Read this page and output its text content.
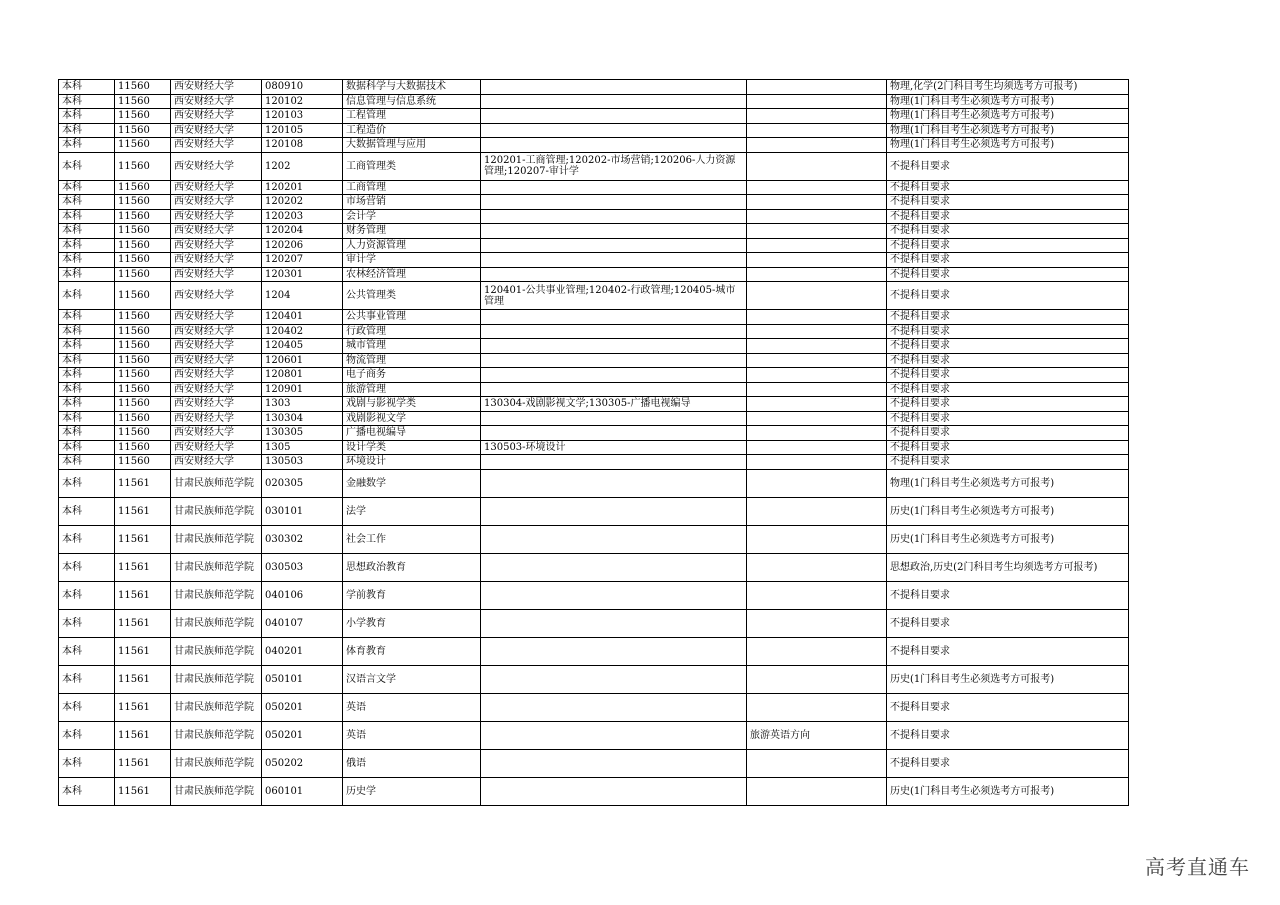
本科	11560	西安财经大学	080910	数据科学与大数据技术			物理,化学(2门科目考生均须选考方可报考)
本科	11560	西安财经大学	120102	信息管理与信息系统			物理(1门科目考生必须选考方可报考)
本科	11560	西安财经大学	120103	工程管理			物理(1门科目考生必须选考方可报考)
本科	11560	西安财经大学	120105	工程造价			物理(1门科目考生必须选考方可报考)
本科	11560	西安财经大学	120108	大数据管理与应用			物理(1门科目考生必须选考方可报考)
本科	11560	西安财经大学	1202	工商管理类	120201-工商管理;120202-市场营销;120206-人力资源管理;120207-审计学		不提科目要求
本科	11560	西安财经大学	120201	工商管理			不提科目要求
本科	11560	西安财经大学	120202	市场营销			不提科目要求
本科	11560	西安财经大学	120203	会计学			不提科目要求
本科	11560	西安财经大学	120204	财务管理			不提科目要求
本科	11560	西安财经大学	120206	人力资源管理			不提科目要求
本科	11560	西安财经大学	120207	审计学			不提科目要求
本科	11560	西安财经大学	120301	农林经济管理			不提科目要求
本科	11560	西安财经大学	1204	公共管理类	120401-公共事业管理;120402-行政管理;120405-城市管理		不提科目要求
本科	11560	西安财经大学	120401	公共事业管理			不提科目要求
本科	11560	西安财经大学	120402	行政管理			不提科目要求
本科	11560	西安财经大学	120405	城市管理			不提科目要求
本科	11560	西安财经大学	120601	物流管理			不提科目要求
本科	11560	西安财经大学	120801	电子商务			不提科目要求
本科	11560	西安财经大学	120901	旅游管理			不提科目要求
本科	11560	西安财经大学	1303	戏剧与影视学类	130304-戏剧影视文学;130305-广播电视编导		不提科目要求
本科	11560	西安财经大学	130304	戏剧影视文学			不提科目要求
本科	11560	西安财经大学	130305	广播电视编导			不提科目要求
本科	11560	西安财经大学	1305	设计学类	130503-环境设计		不提科目要求
本科	11560	西安财经大学	130503	环境设计			不提科目要求
本科	11561	甘肃民族师范学院	020305	金融数学			物理(1门科目考生必须选考方可报考)
本科	11561	甘肃民族师范学院	030101	法学			历史(1门科目考生必须选考方可报考)
本科	11561	甘肃民族师范学院	030302	社会工作			历史(1门科目考生必须选考方可报考)
本科	11561	甘肃民族师范学院	030503	思想政治教育			思想政治,历史(2门科目考生均须选考方可报考)
本科	11561	甘肃民族师范学院	040106	学前教育			不提科目要求
本科	11561	甘肃民族师范学院	040107	小学教育			不提科目要求
本科	11561	甘肃民族师范学院	040201	体育教育			不提科目要求
本科	11561	甘肃民族师范学院	050101	汉语言文学			历史(1门科目考生必须选考方可报考)
本科	11561	甘肃民族师范学院	050201	英语			不提科目要求
本科	11561	甘肃民族师范学院	050201	英语		旅游英语方向	不提科目要求
本科	11561	甘肃民族师范学院	050202	俄语			不提科目要求
本科	11561	甘肃民族师范学院	060101	历史学			历史(1门科目考生必须选考方可报考)
高考直通车
